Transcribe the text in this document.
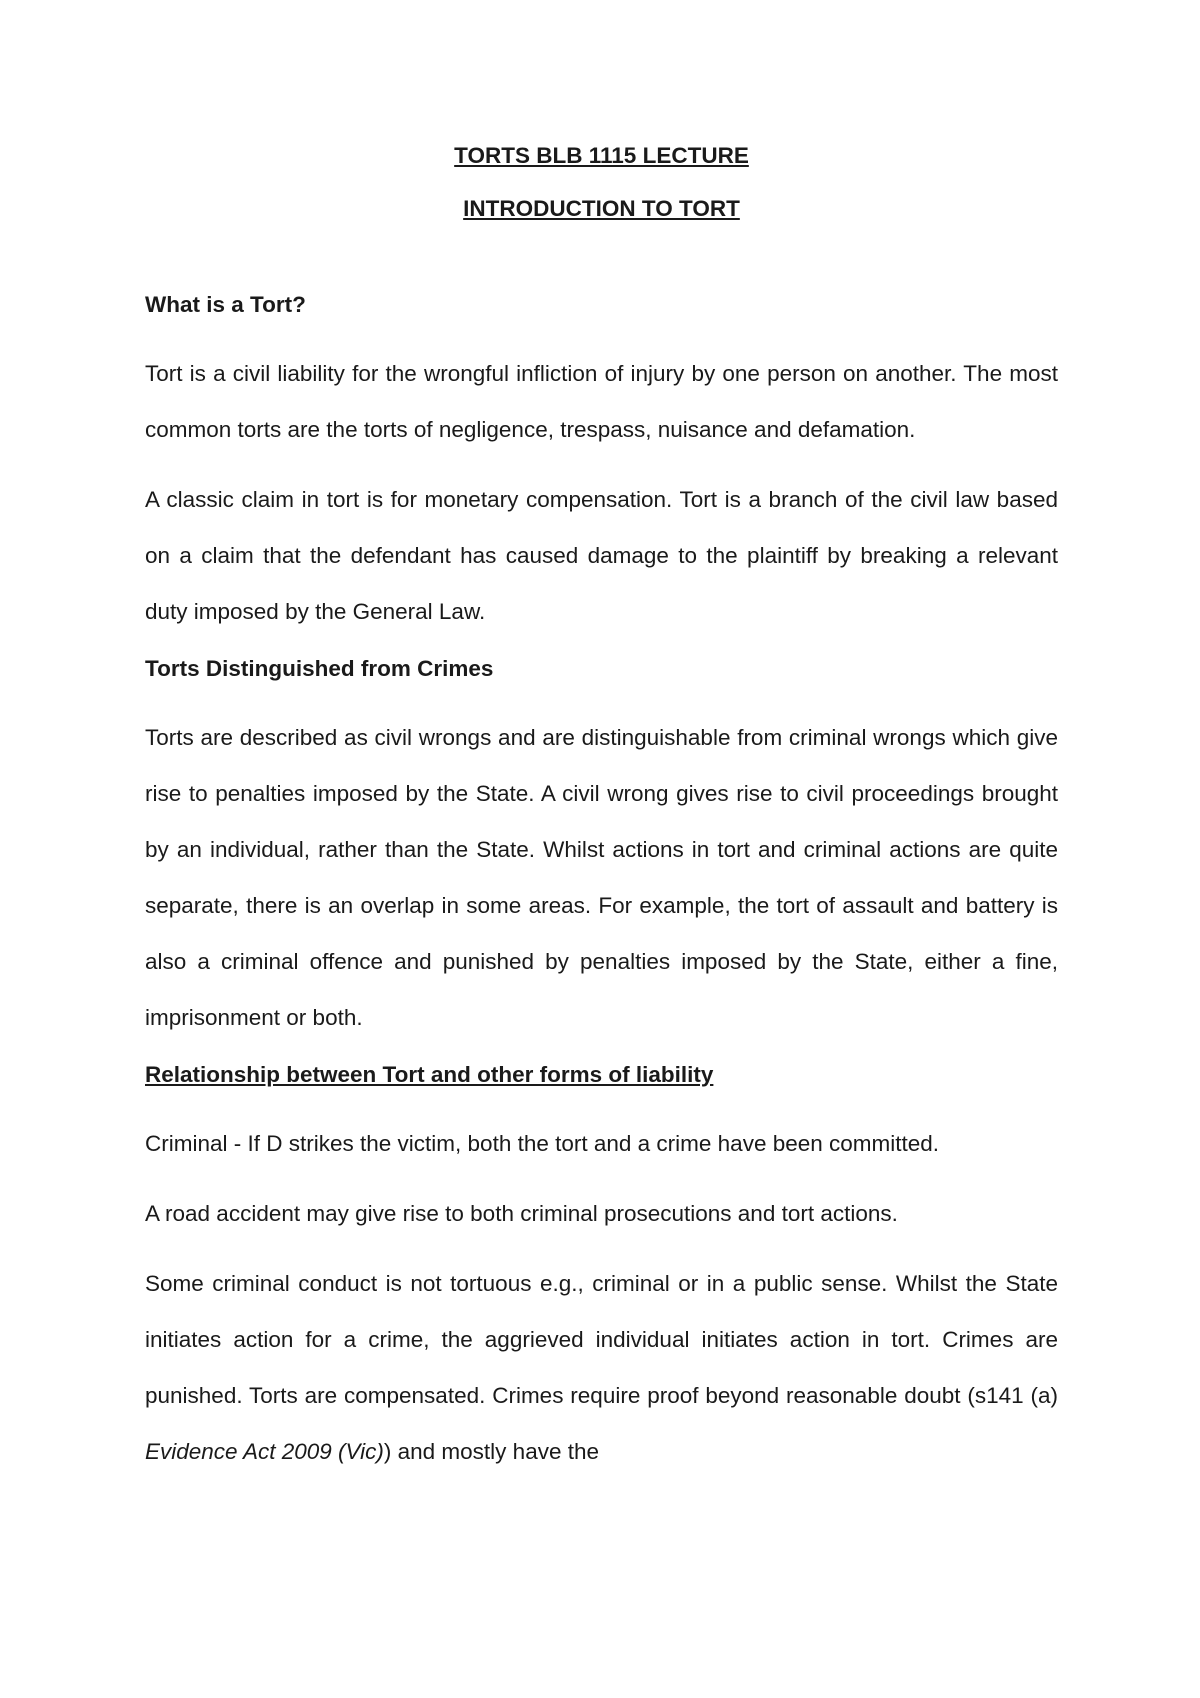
TORTS BLB 1115 LECTURE
INTRODUCTION TO TORT
What is a Tort?

Tort is a civil liability for the wrongful infliction of injury by one person on another. The most common torts are the torts of negligence, trespass, nuisance and defamation.

A classic claim in tort is for monetary compensation. Tort is a branch of the civil law based on a claim that the defendant has caused damage to the plaintiff by breaking a relevant duty imposed by the General Law.

Torts Distinguished from Crimes

Torts are described as civil wrongs and are distinguishable from criminal wrongs which give rise to penalties imposed by the State. A civil wrong gives rise to civil proceedings brought by an individual, rather than the State. Whilst actions in tort and criminal actions are quite separate, there is an overlap in some areas. For example, the tort of assault and battery is also a criminal offence and punished by penalties imposed by the State, either a fine, imprisonment or both.

Relationship between Tort and other forms of liability

Criminal - If D strikes the victim, both the tort and a crime have been committed.

A road accident may give rise to both criminal prosecutions and tort actions.

Some criminal conduct is not tortuous e.g., criminal or in a public sense. Whilst the State initiates action for a crime, the aggrieved individual initiates action in tort. Crimes are punished. Torts are compensated. Crimes require proof beyond reasonable doubt (s141 (a) Evidence Act 2009 (Vic)) and mostly have the
